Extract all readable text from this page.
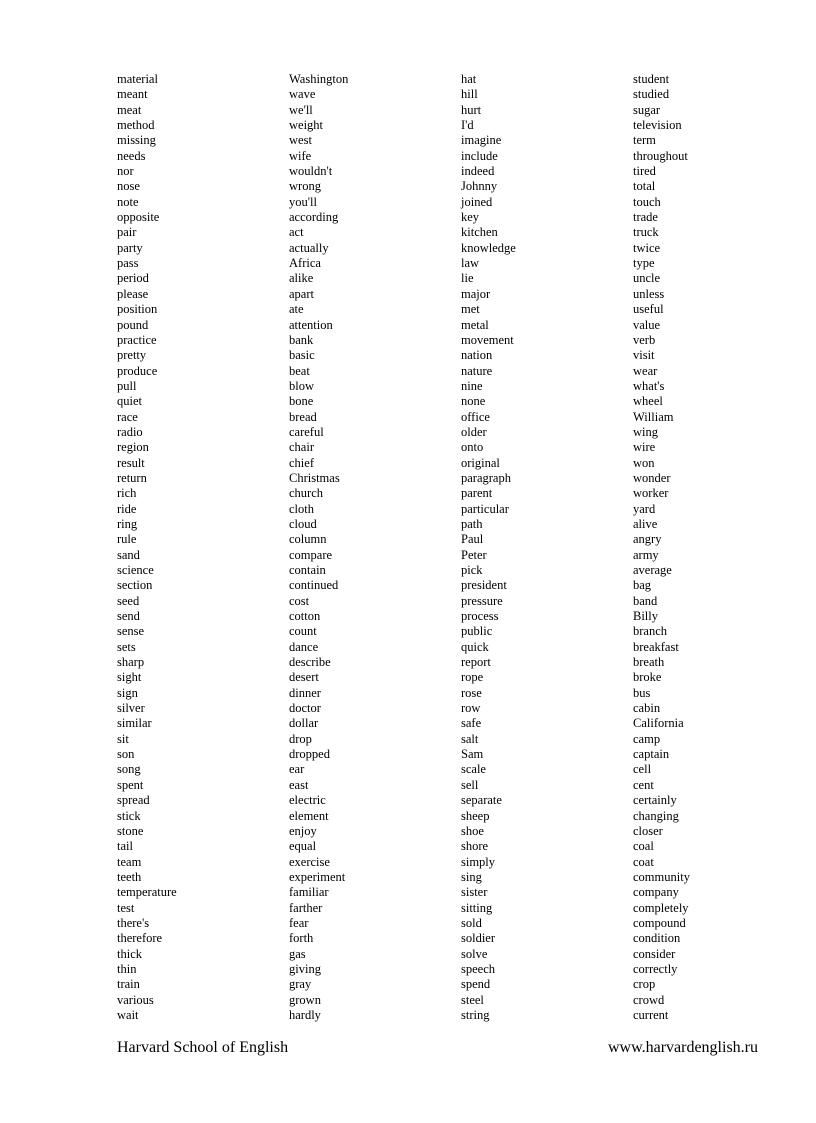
material
meant
meat
method
missing
needs
nor
nose
note
opposite
pair
party
pass
period
please
position
pound
practice
pretty
produce
pull
quiet
race
radio
region
result
return
rich
ride
ring
rule
sand
science
section
seed
send
sense
sets
sharp
sight
sign
silver
similar
sit
son
song
spent
spread
stick
stone
tail
team
teeth
temperature
test
there's
therefore
thick
thin
train
various
wait
Washington
wave
we'll
weight
west
wife
wouldn't
wrong
you'll
according
act
actually
Africa
alike
apart
ate
attention
bank
basic
beat
blow
bone
bread
careful
chair
chief
Christmas
church
cloth
cloud
column
compare
contain
continued
cost
cotton
count
dance
describe
desert
dinner
doctor
dollar
drop
dropped
ear
east
electric
element
enjoy
equal
exercise
experiment
familiar
farther
fear
forth
gas
giving
gray
grown
hardly
hat
hill
hurt
I'd
imagine
include
indeed
Johnny
joined
key
kitchen
knowledge
law
lie
major
met
metal
movement
nation
nature
nine
none
office
older
onto
original
paragraph
parent
particular
path
Paul
Peter
pick
president
pressure
process
public
quick
report
rope
rose
row
safe
salt
Sam
scale
sell
separate
sheep
shoe
shore
simply
sing
sister
sitting
sold
soldier
solve
speech
spend
steel
string
student
studied
sugar
television
term
throughout
tired
total
touch
trade
truck
twice
type
uncle
unless
useful
value
verb
visit
wear
what's
wheel
William
wing
wire
won
wonder
worker
yard
alive
angry
army
average
bag
band
Billy
branch
breakfast
breath
broke
bus
cabin
California
camp
captain
cell
cent
certainly
changing
closer
coal
coat
community
company
completely
compound
condition
consider
correctly
crop
crowd
current
Harvard School of English	www.harvardenglish.ru
